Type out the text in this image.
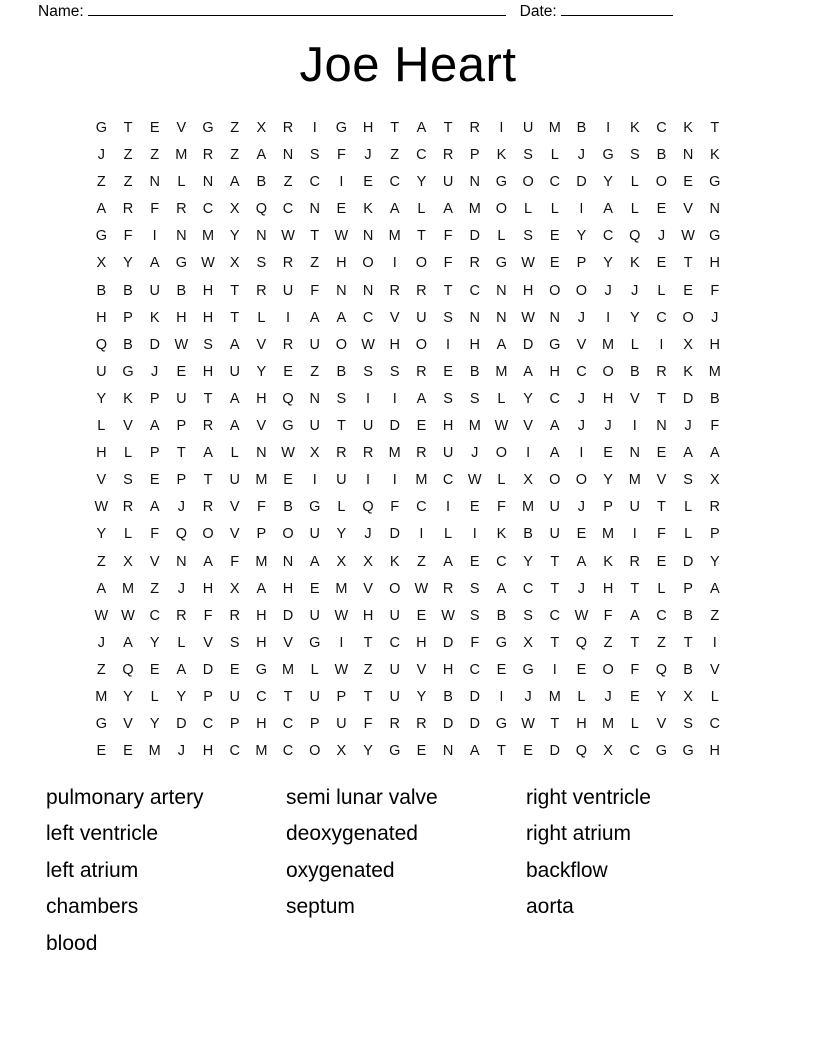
Name:	Date:
Joe Heart
G	T	E	V	G	Z	X	R	I	G	H	T	A	T	R	I	U	M	B	I	K	C	K	T
J	Z	Z	M	R	Z	A	N	S	F	J	Z	C	R	P	K	S	L	J	G	S	B	N	K
Z	Z	N	L	N	A	B	Z	C	I	E	C	Y	U	N	G	O	C	D	Y	L	O	E	G
A	R	F	R	C	X	Q	C	N	E	K	A	L	A	M	O	L	L	I	A	L	E	V	N
G	F	I	N	M	Y	N	W	T	W	N	M	T	F	D	L	S	E	Y	C	Q	J	W G
X	Y	A	G W	X	S	R	Z	H	O	I	O	F	R	G W	E	P	Y	K	E	T	H
B	B	U	B	H	T	R	U	F	N	N	R	R	T	C	N	H	O	O	J	J	L	E	F
H	P	K	H	H	T	L	I	A	A	C	V	U	S	N	N	W	N	J	I	Y	C	O	J
Q	B	D	W	S	A	V	R	U	O W	H	O	I	H	A	D	G	V	M	L	I	X	H
U	G	J	E	H	U	Y	E	Z	B	S	S	R	E	B	M	A	H	C	O	B	R	K	M
Y	K	P	U	T	A	H	Q	N	S	I	I	A	S	S	L	Y	C	J	H	V	T	D	B
L	V	A	P	R	A	V	G	U	T	U	D	E	H	M W	V	A	J	J	I	N	J	F
H	L	P	T	A	L	N	W	X	R	R	M	R	U	J	O	I	A	I	E	N	E	A	A
V	S	E	P	T	U	M	E	I	U	I	I	M	C	W	L	X	O	O	Y	M	V	S	X
W	R	A	J	R	V	F	B	G	L	Q	F	C	I	E	F	M	U	J	P	U	T	L	R
Y	L	F	Q	O	V	P	O	U	Y	J	D	I	L	I	K	B	U	E	M	I	F	L	P
Z	X	V	N	A	F	M	N	A	X	X	K	Z	A	E	C	Y	T	A	K	R	E	D	Y
A	M	Z	J	H	X	A	H	E	M	V	O W	R	S	A	C	T	J	H	T	L	P	A
W W	C	R	F	R	H	D	U	W	H	U	E	W	S	B	S	C	W	F	A	C	B	Z
J	A	Y	L	V	S	H	V	G	I	T	C	H	D	F	G	X	T	Q	Z	T	Z	T	I
Z	Q	E	A	D	E	G	M	L	W	Z	U	V	H	C	E	G	I	E	O	F	Q	B	V
M	Y	L	Y	P	U	C	T	U	P	T	U	Y	B	D	I	J	M	L	J	E	Y	X	L
G	V	Y	D	C	P	H	C	P	U	F	R	R	D	D	G W	T	H	M	L	V	S	C
E	E	M	J	H	C	M	C	O	X	Y	G	E	N	A	T	E	D	Q	X	C	G	G	H
pulmonary artery
left ventricle
left atrium
chambers
blood
semi lunar valve
deoxygenated
oxygenated
septum
right ventricle
right atrium
backflow
aorta
